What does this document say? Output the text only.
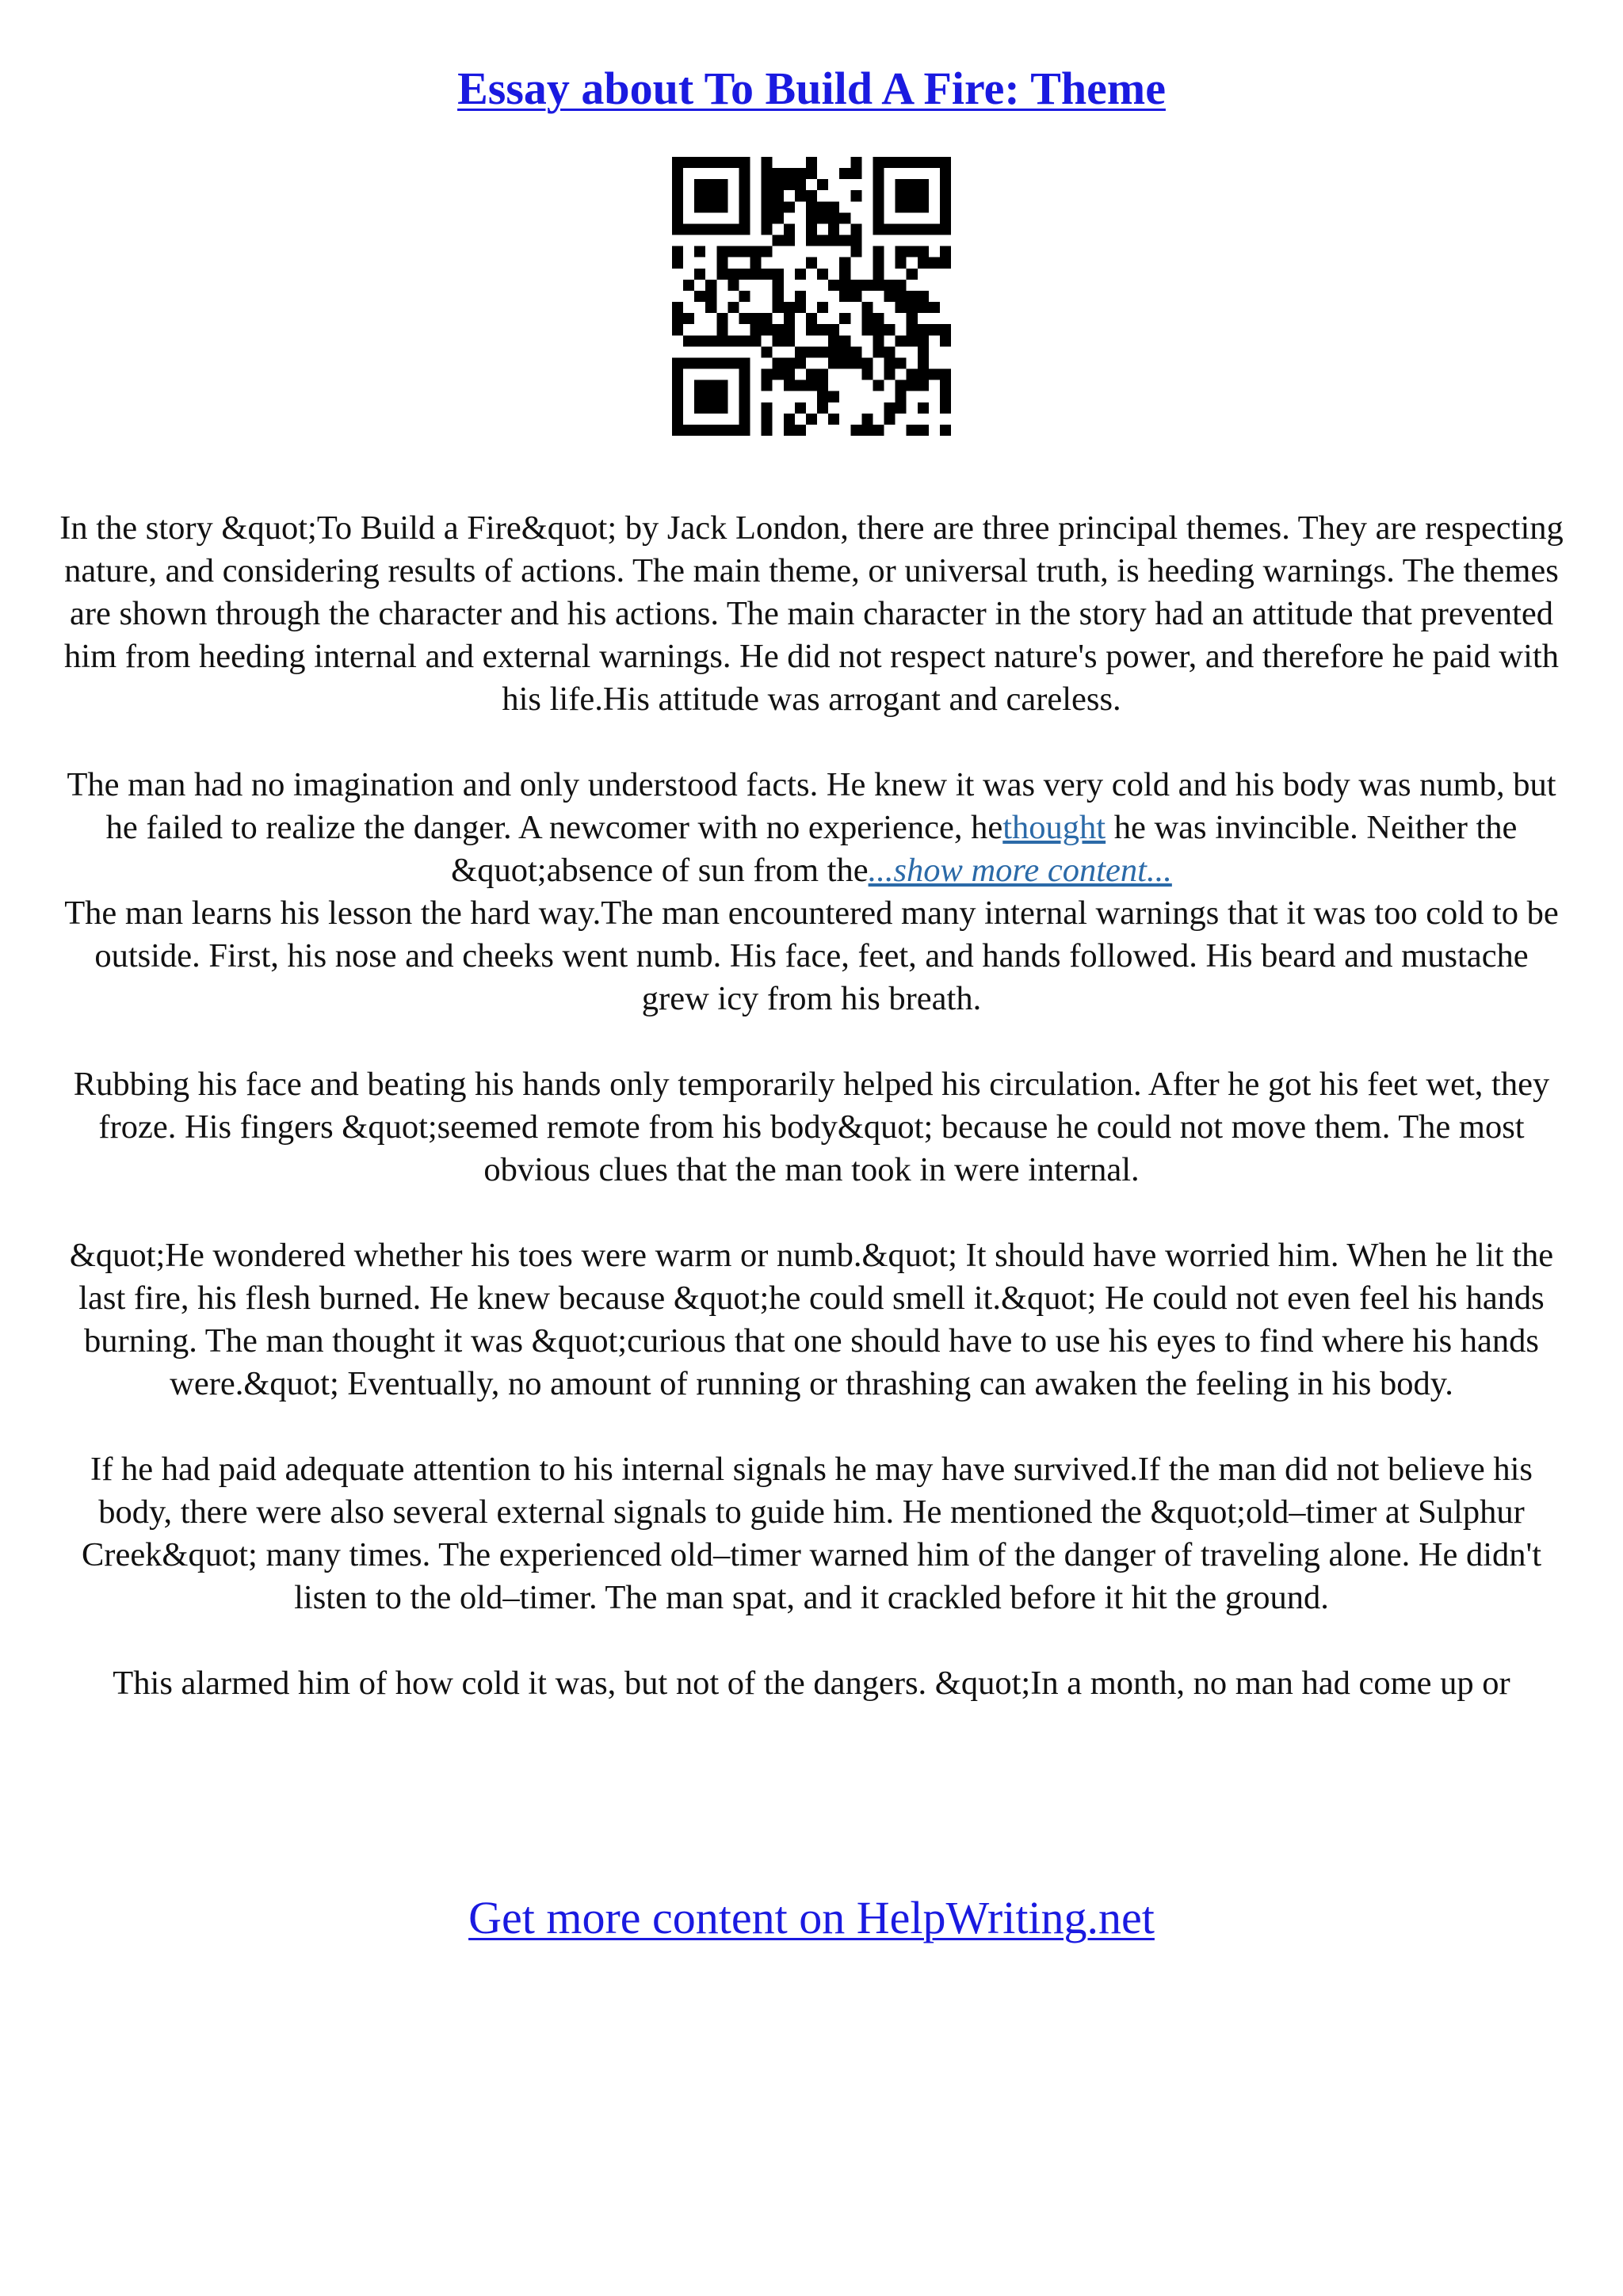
Essay about To Build A Fire: Theme

In the story &quot;To Build a Fire&quot; by Jack London, there are three principal themes. They are respecting nature, and considering results of actions. The main theme, or universal truth, is heeding warnings. The themes are shown through the character and his actions. The main character in the story had an attitude that prevented him from heeding internal and external warnings. He did not respect nature's power, and therefore he paid with his life.His attitude was arrogant and careless.

The man had no imagination and only understood facts. He knew it was very cold and his body was numb, but he failed to realize the danger. A newcomer with no experience, hethought he was invincible. Neither the &quot;absence of sun from the...show more content...

The man learns his lesson the hard way.The man encountered many internal warnings that it was too cold to be outside. First, his nose and cheeks went numb. His face, feet, and hands followed. His beard and mustache grew icy from his breath.

Rubbing his face and beating his hands only temporarily helped his circulation. After he got his feet wet, they froze. His fingers &quot;seemed remote from his body&quot; because he could not move them. The most obvious clues that the man took in were internal.

&quot;He wondered whether his toes were warm or numb.&quot; It should have worried him. When he lit the last fire, his flesh burned. He knew because &quot;he could smell it.&quot; He could not even feel his hands burning. The man thought it was &quot;curious that one should have to use his eyes to find where his hands were.&quot; Eventually, no amount of running or thrashing can awaken the feeling in his body.

If he had paid adequate attention to his internal signals he may have survived.If the man did not believe his body, there were also several external signals to guide him. He mentioned the &quot;old–timer at Sulphur Creek&quot; many times. The experienced old–timer warned him of the danger of traveling alone. He didn't listen to the old–timer. The man spat, and it crackled before it hit the ground.

This alarmed him of how cold it was, but not of the dangers. &quot;In a month, no man had come up or

Get more content on HelpWriting.net
